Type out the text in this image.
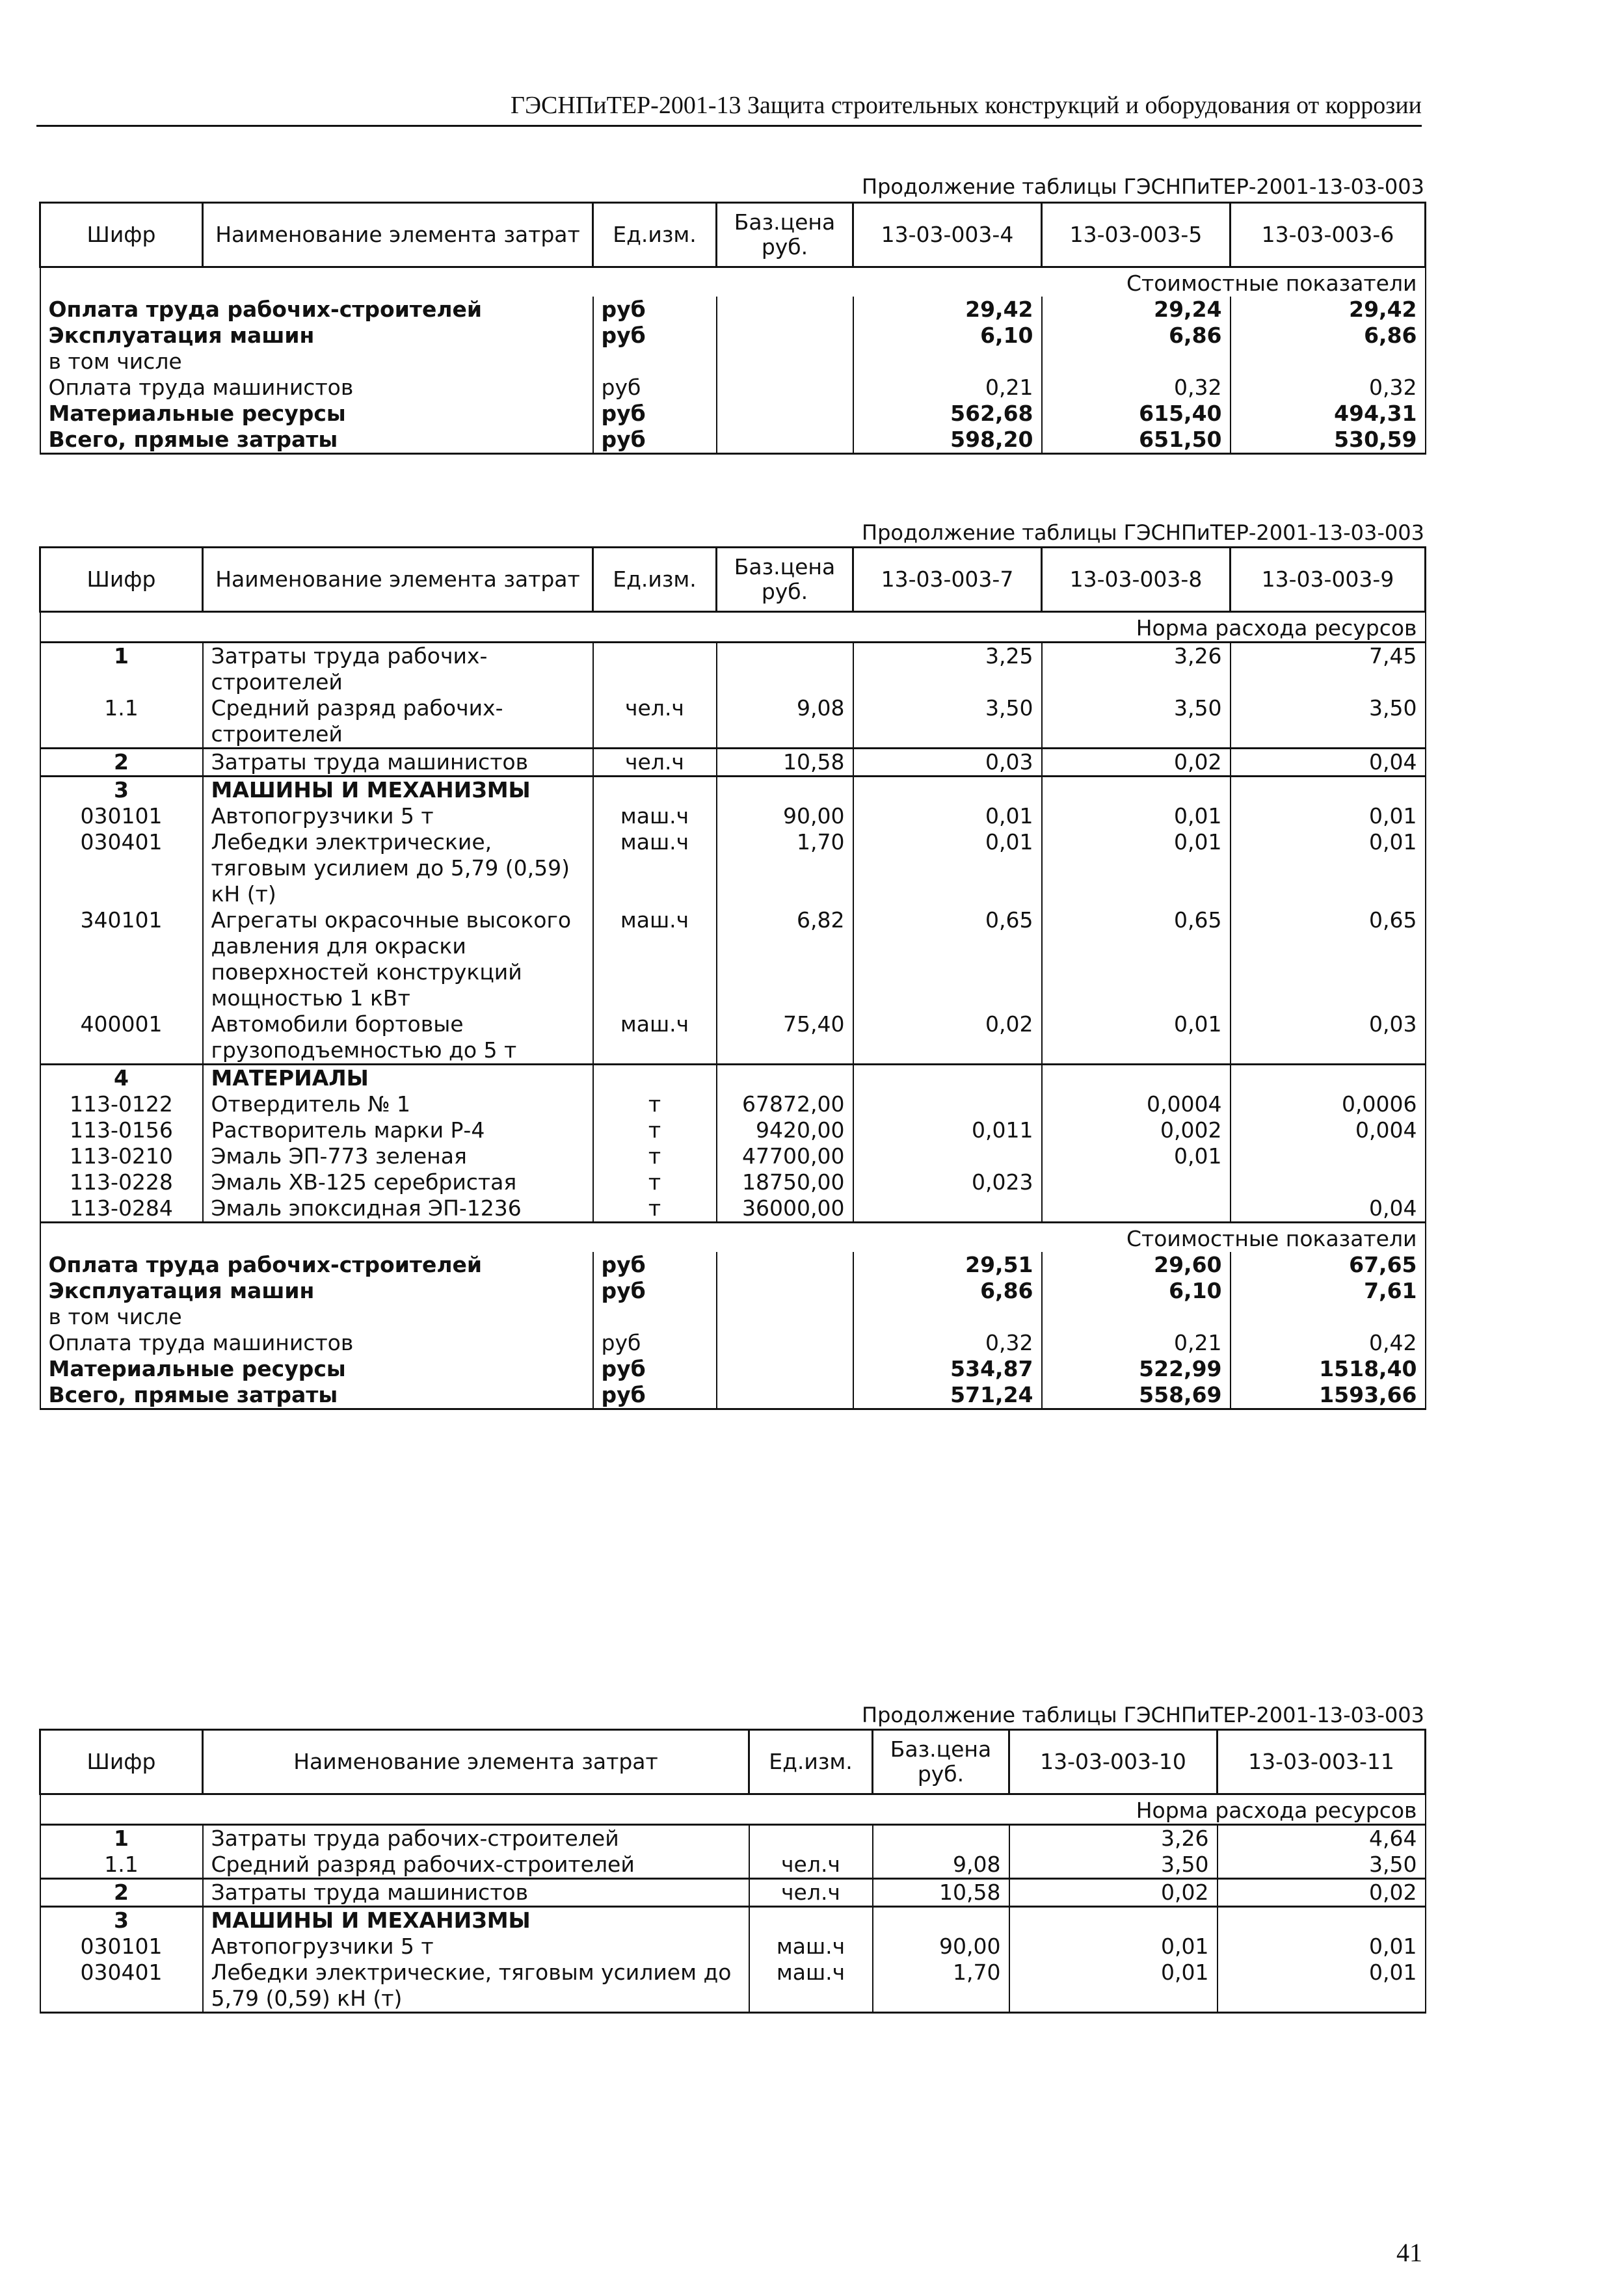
ГЭСНПиТЕР-2001-13 Защита строительных конструкций и оборудования от коррозии
Продолжение таблицы ГЭСНПиТЕР-2001-13-03-003
Шифр	Наименование элемента затрат	Ед.изм.	Баз.цена руб.	13-03-003-4	13-03-003-5	13-03-003-6
Стоимостные показатели						
Оплата труда рабочих-строителей		руб		29,42	29,24	29,42
Эксплуатация машин		руб		6,10	6,86	6,86
в том числе						
Оплата труда машинистов		руб		0,21	0,32	0,32
Материальные ресурсы		руб		562,68	615,40	494,31
Всего, прямые затраты		руб		598,20	651,50	530,59
Продолжение таблицы ГЭСНПиТЕР-2001-13-03-003
Шифр	Наименование элемента затрат	Ед.изм.	Баз.цена руб.	13-03-003-7	13-03-003-8	13-03-003-9
Норма расхода ресурсов						
1	Затраты труда рабочих-строителей			3,25	3,26	7,45
1.1	Средний разряд рабочих-строителей	чел.ч	9,08	3,50	3,50	3,50
2	Затраты труда машинистов	чел.ч	10,58	0,03	0,02	0,04
3	МАШИНЫ И МЕХАНИЗМЫ					
030101	Автопогрузчики 5 т	маш.ч	90,00	0,01	0,01	0,01
030401	Лебедки электрические, тяговым усилием до 5,79 (0,59) кН (т)	маш.ч	1,70	0,01	0,01	0,01
340101	Агрегаты окрасочные высокого давления для окраски поверхностей конструкций мощностью 1 кВт	маш.ч	6,82	0,65	0,65	0,65
400001	Автомобили бортовые грузоподъемностью до 5 т	маш.ч	75,40	0,02	0,01	0,03
4	МАТЕРИАЛЫ					
113-0122	Отвердитель № 1	т	67872,00		0,0004	0,0006
113-0156	Растворитель марки Р-4	т	9420,00	0,011	0,002	0,004
113-0210	Эмаль ЭП-773 зеленая	т	47700,00		0,01	
113-0228	Эмаль ХВ-125 серебристая	т	18750,00	0,023		
113-0284	Эмаль эпоксидная ЭП-1236	т	36000,00			0,04
Стоимостные показатели						
Оплата труда рабочих-строителей		руб		29,51	29,60	67,65
Эксплуатация машин		руб		6,86	6,10	7,61
в том числе						
Оплата труда машинистов		руб		0,32	0,21	0,42
Материальные ресурсы		руб		534,87	522,99	1518,40
Всего, прямые затраты		руб		571,24	558,69	1593,66
Продолжение таблицы ГЭСНПиТЕР-2001-13-03-003
Шифр	Наименование элемента затрат	Ед.изм.	Баз.цена руб.	13-03-003-10	13-03-003-11
Норма расхода ресурсов					
1	Затраты труда рабочих-строителей			3,26	4,64
1.1	Средний разряд рабочих-строителей	чел.ч	9,08	3,50	3,50
2	Затраты труда машинистов	чел.ч	10,58	0,02	0,02
3	МАШИНЫ И МЕХАНИЗМЫ				
030101	Автопогрузчики 5 т	маш.ч	90,00	0,01	0,01
030401	Лебедки электрические, тяговым усилием до 5,79 (0,59) кН (т)	маш.ч	1,70	0,01	0,01
41
